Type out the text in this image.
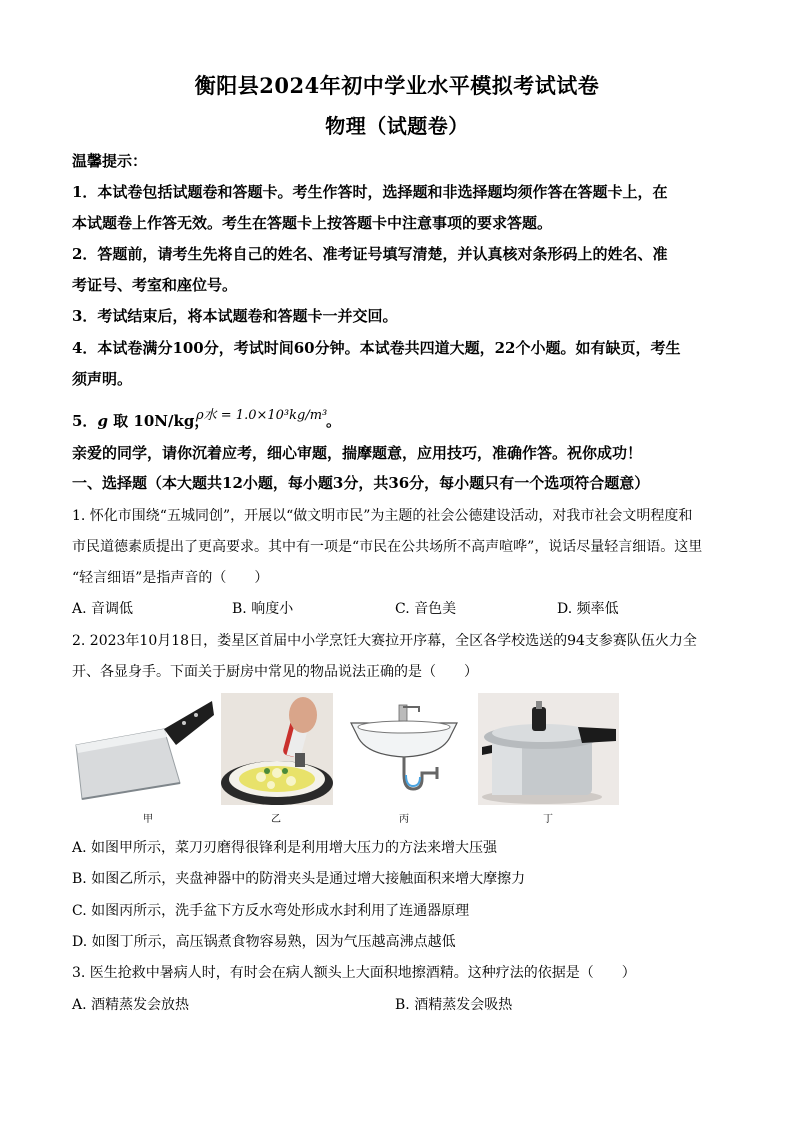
衡阳县2024年初中学业水平模拟考试试卷
物理（试题卷）
温馨提示：
1．本试卷包括试题卷和答题卡。考生作答时，选择题和非选择题均须作答在答题卡上，在
本试题卷上作答无效。考生在答题卡上按答题卡中注意事项的要求答题。
2．答题前，请考生先将自己的姓名、准考证号填写清楚，并认真核对条形码上的姓名、准
考证号、考室和座位号。
3．考试结束后，将本试题卷和答题卡一并交回。
4．本试卷满分100分，考试时间60分钟。本试卷共四道大题，22个小题。如有缺页，考生
须声明。
5．g 取 10N/kg，
ρ水 = 1.0×10³kg/m³
。
亲爱的同学，请你沉着应考，细心审题，揣摩题意，应用技巧，准确作答。祝你成功！
一、选择题（本大题共12小题，每小题3分，共36分，每小题只有一个选项符合题意）
1. 怀化市围绕“五城同创”，开展以“做文明市民”为主题的社会公德建设活动，对我市社会文明程度和
市民道德素质提出了更高要求。其中有一项是“市民在公共场所不高声喧哗”，说话尽量轻言细语。这里
“轻言细语”是指声音的（　　）
A. 音调低	B. 响度小	C. 音色美	D. 频率低
2. 2023年10月18日，娄星区首届中小学烹饪大赛拉开序幕，全区各学校选送的94支参赛队伍火力全
开、各显身手。下面关于厨房中常见的物品说法正确的是（　　）
甲	乙	丙	丁
A. 如图甲所示，菜刀刃磨得很锋利是利用增大压力的方法来增大压强
B. 如图乙所示，夹盘神器中的防滑夹头是通过增大接触面积来增大摩擦力
C. 如图丙所示，洗手盆下方反水弯处形成水封利用了连通器原理
D. 如图丁所示，高压锅煮食物容易熟，因为气压越高沸点越低
3. 医生抢救中暑病人时，有时会在病人额头上大面积地擦酒精。这种疗法的依据是（　　）
A. 酒精蒸发会放热	B. 酒精蒸发会吸热
